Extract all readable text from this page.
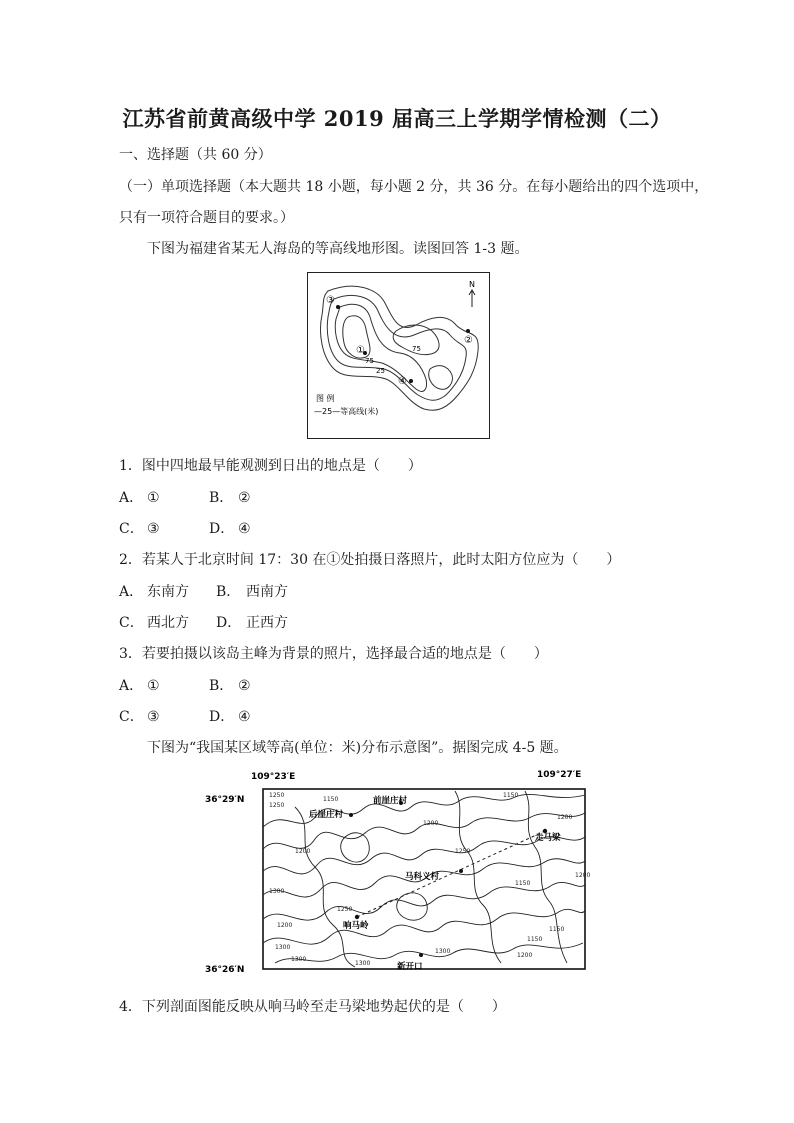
江苏省前黄高级中学 2019 届高三上学期学情检测（二）
一、选择题（共 60 分）
（一）单项选择题（本大题共 18 小题，每小题 2 分，共 36 分。在每小题给出的四个选项中，
只有一项符合题目的要求。）
下图为福建省某无人海岛的等高线地形图。读图回答 1-3 题。
③
②
①
④
75
75
25
N
图 例
—25—等高线(米)
1．图中四地最早能观测到日出的地点是（　　）
A． ①	B． ②
C． ③	D． ④
2．若某人于北京时间 17：30 在①处拍摄日落照片，此时太阳方位应为（　　）
A． 东南方 B． 西南方
C． 西北方 D． 正西方
3．若要拍摄以该岛主峰为背景的照片，选择最合适的地点是（　　）
A． ①	B． ②
C． ③	D． ④
下图为“我国某区域等高(单位：米)分布示意图”。据图完成 4-5 题。
109°23′E	109°27′E
36°29′N
36°26′N
前崖庄村
后崖庄村
走马梁
马科义村
响马岭
新开口
1250
1250
1150
1200
1150
1200
1200	1250
1150
1200
1300
1250
1200
1300
1300
1300
1300
1200
1150
1150
4．下列剖面图能反映从响马岭至走马梁地势起伏的是（　　）
